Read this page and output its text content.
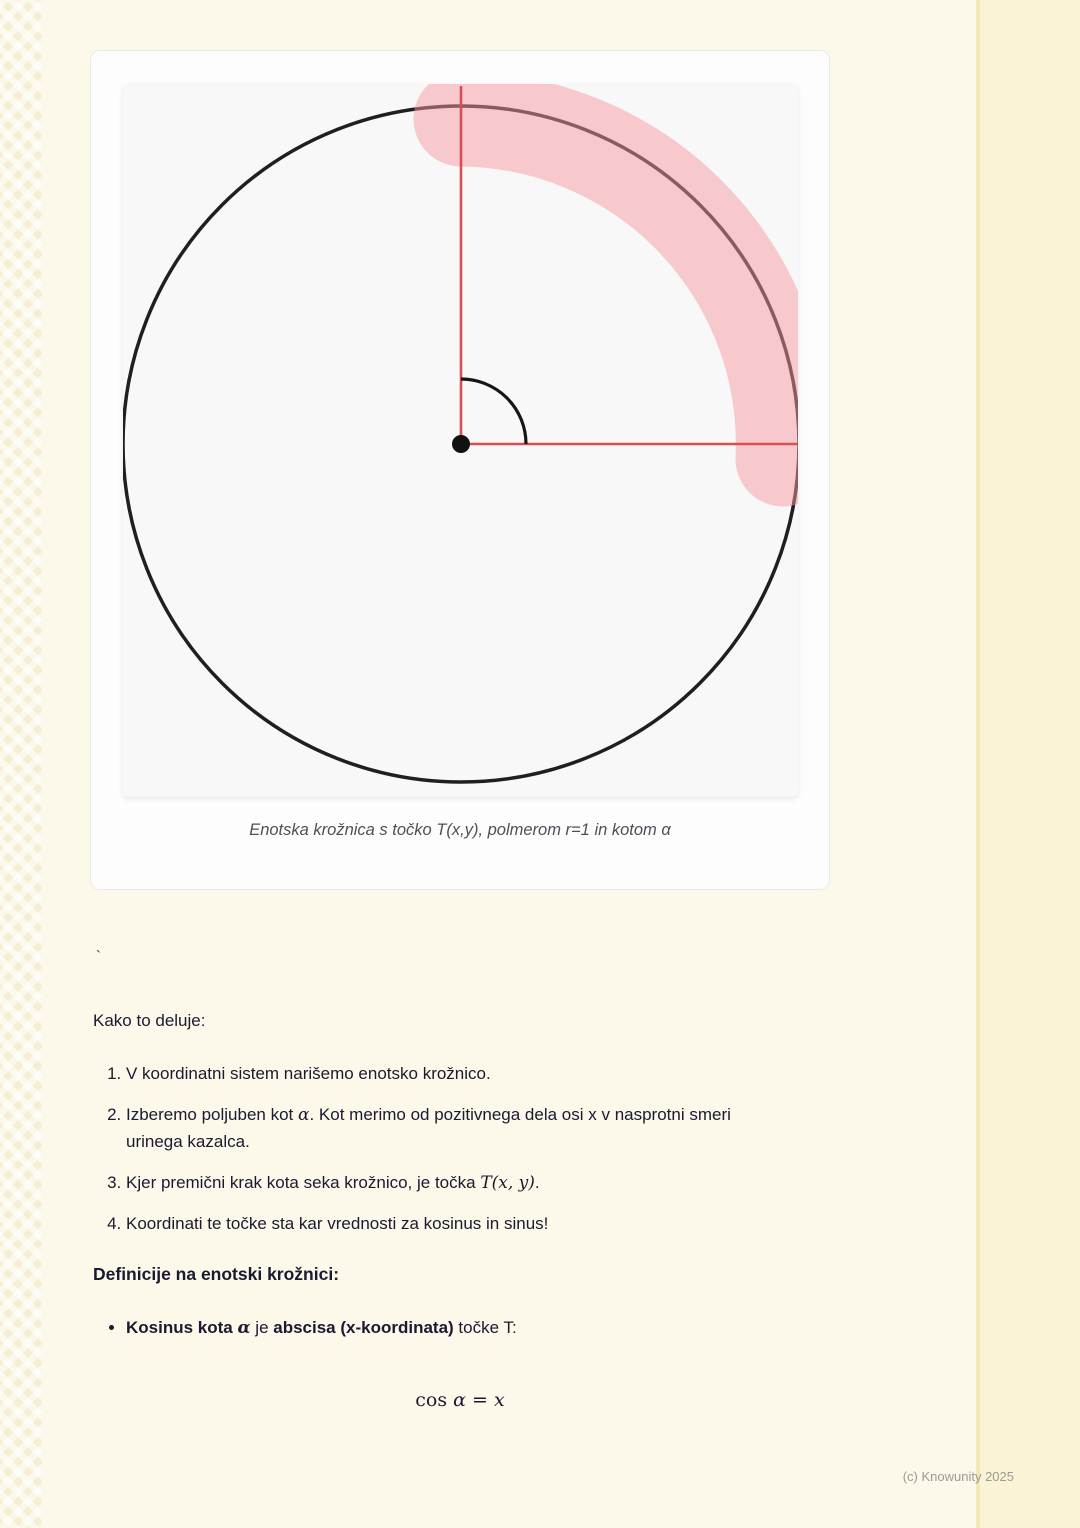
Enotska krožnica s točko T(x,y), polmerom r=1 in kotom α
`

Kako to deluje:

1. V koordinatni sistem narišemo enotsko krožnico.
2. Izberemo poljuben kot α. Kot merimo od pozitivnega dela osi x v nasprotni smeri urinega kazalca.
3. Kjer premični krak kota seka krožnico, je točka T(x, y).
4. Koordinati te točke sta kar vrednosti za kosinus in sinus!

Definicije na enotski krožnici:

• Kosinus kota α je abscisa (x-koordinata) točke T:
cos α = x
(c) Knowunity 2025
